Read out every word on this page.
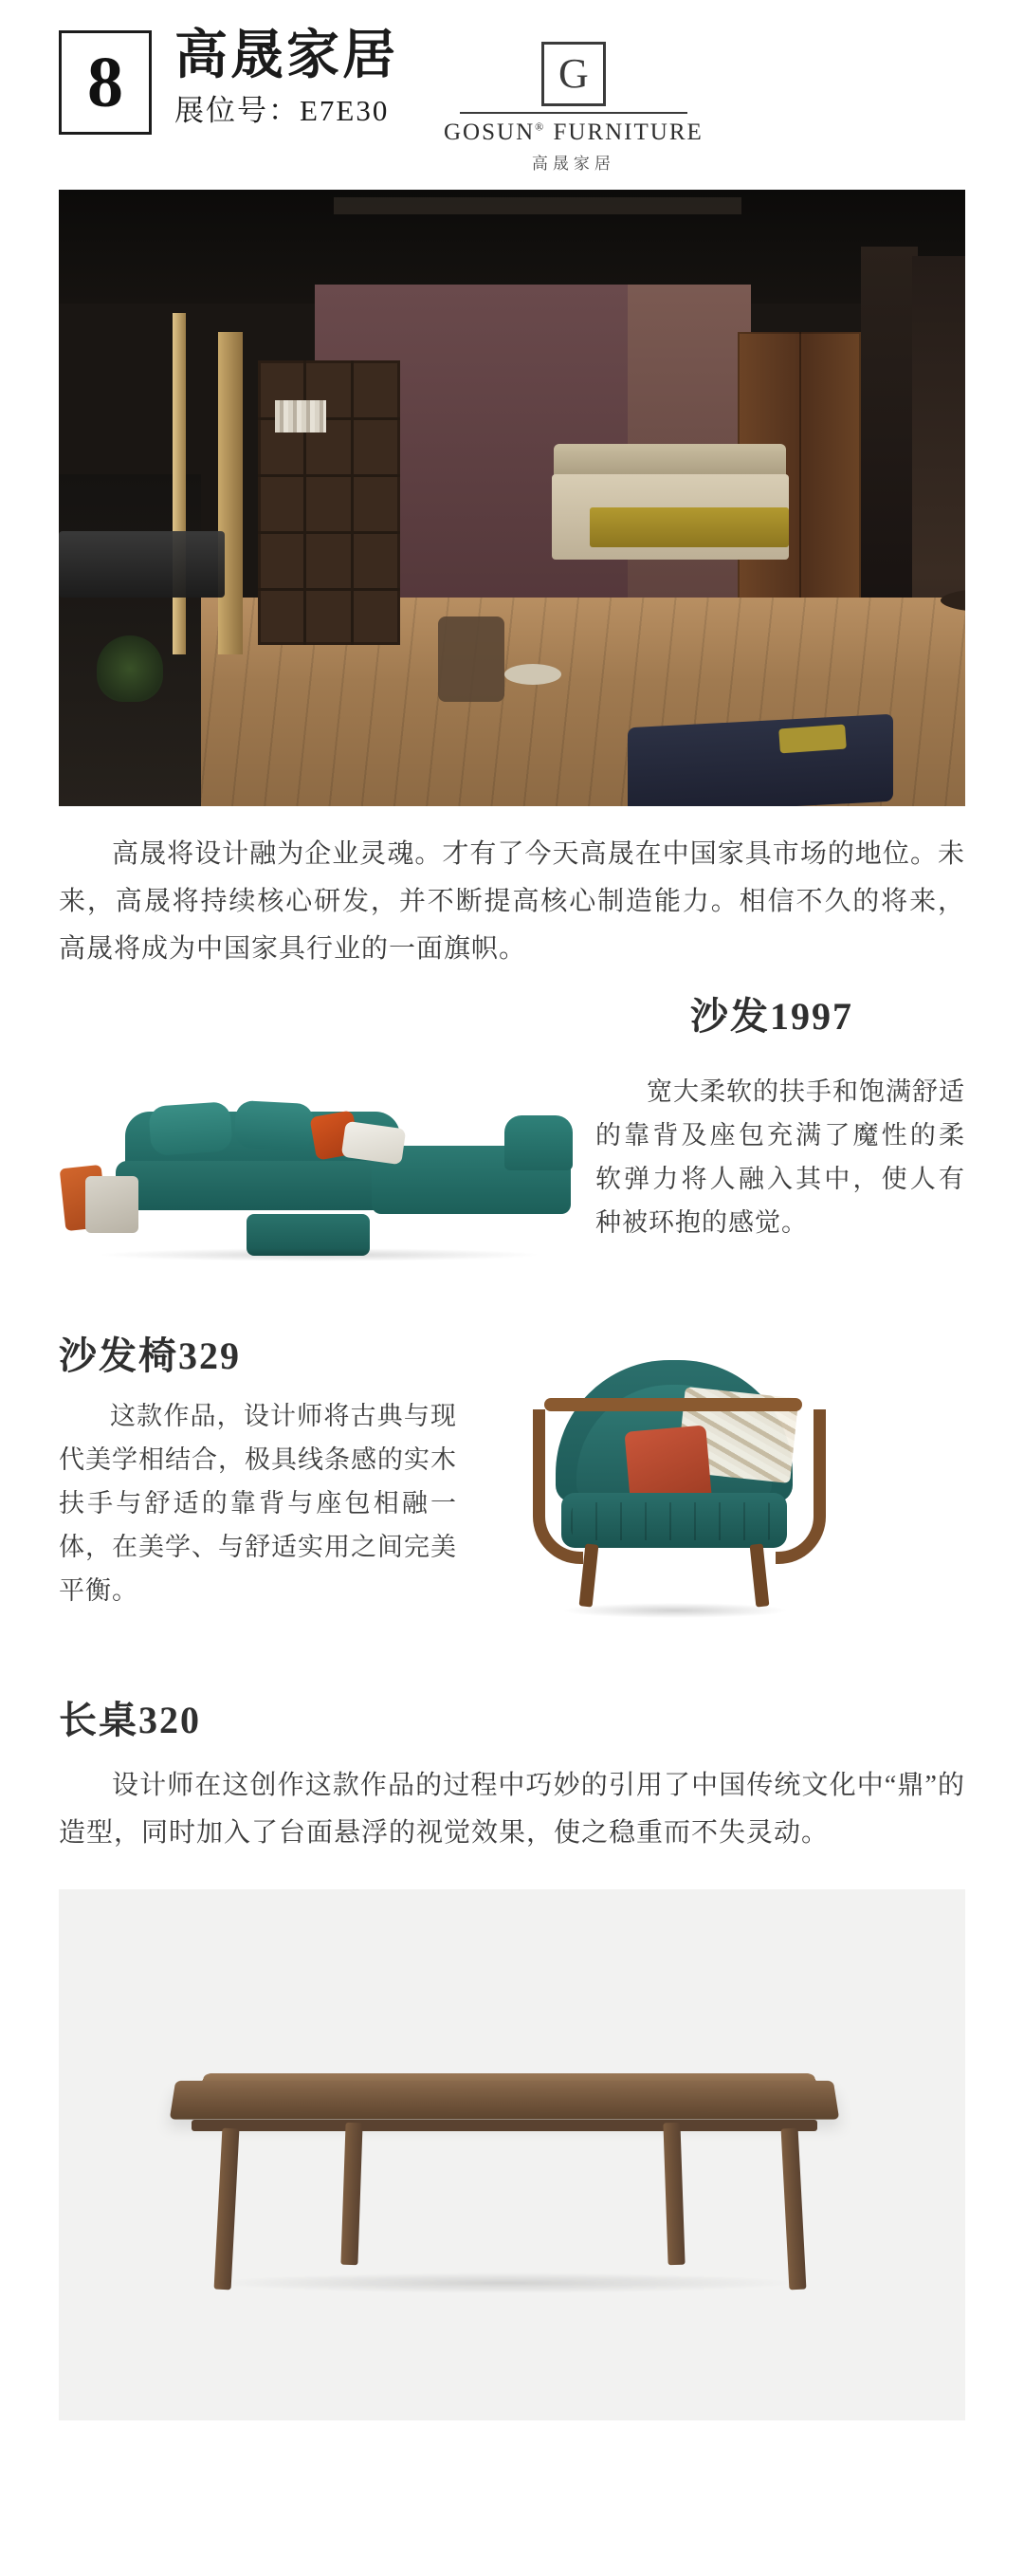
8 高晟家居
展位号：E7E30
G
GOSUN® FURNITURE
高晟家居
高晟将设计融为企业灵魂。才有了今天高晟在中国家具市场的地位。未来，高晟将持续核心研发，并不断提高核心制造能力。相信不久的将来，高晟将成为中国家具行业的一面旗帜。
沙发1997
宽大柔软的扶手和饱满舒适的靠背及座包充满了魔性的柔软弹力将人融入其中，使人有种被环抱的感觉。
沙发椅329
这款作品，设计师将古典与现代美学相结合，极具线条感的实木扶手与舒适的靠背与座包相融一体，在美学、与舒适实用之间完美平衡。
长桌320
设计师在这创作这款作品的过程中巧妙的引用了中国传统文化中“鼎”的造型，同时加入了台面悬浮的视觉效果，使之稳重而不失灵动。
